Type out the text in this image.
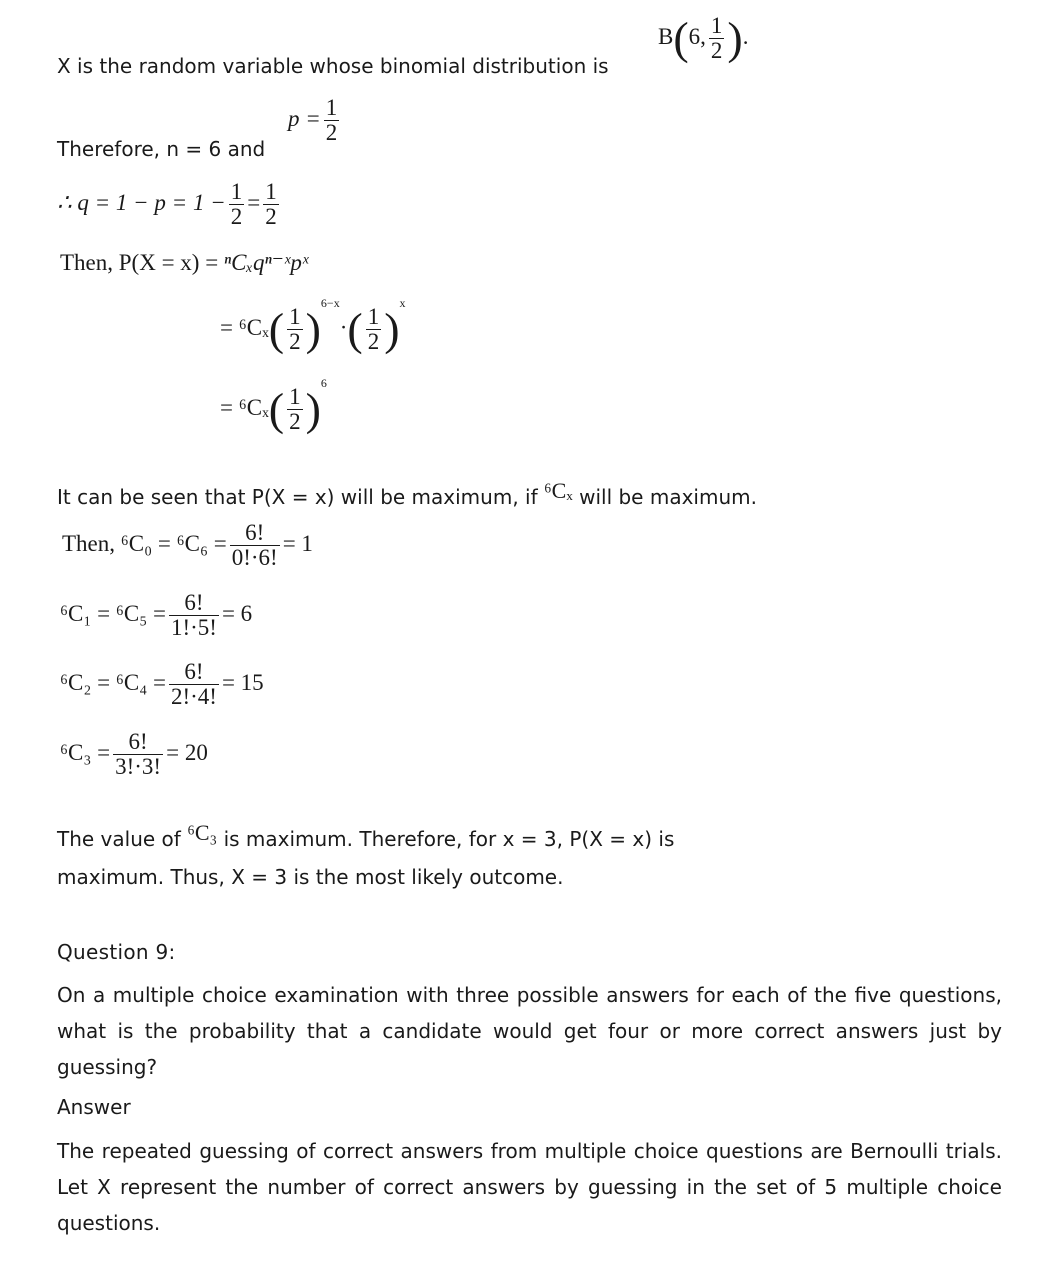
X is the random variable whose binomial distribution is
B(6, $\frac{1}{2}$ ).
Therefore, n = 6 and
$p = \frac{1}{2}$
∴ $q = 1 - p = 1 - \frac{1}{2} = \frac{1}{2}$
Then, P(X = x) = ⁿCₓqⁿ⁻ˣpˣ
= $^6C_x( \frac{1}{2} )^{6-x}\cdot( \frac{1}{2} )^x$
= $^6C_x( \frac{1}{2} )^6$
It can be seen that P(X = x) will be maximum, if ⁶Cₓ will be maximum.
Then, $^6C_0 = ^6C_6 = \frac{6!}{0!\cdot 6!} = 1$
$^6C_1 = ^6C_5 = \frac{6!}{1!\cdot 5!} = 6$
$^6C_2 = ^6C_4 = \frac{6!}{2!\cdot 4!} = 15$
$^6C_3 = \frac{6!}{3!\cdot 3!} = 20$
The value of ⁶C₃ is maximum. Therefore, for x = 3, P(X = x) is
maximum. Thus, X = 3 is the most likely outcome.
Question 9:
On a multiple choice examination with three possible answers for each of the five questions, what is the probability that a candidate would get four or more correct answers just by guessing?
Answer
The repeated guessing of correct answers from multiple choice questions are Bernoulli trials. Let X represent the number of correct answers by guessing in the set of 5 multiple choice questions.
